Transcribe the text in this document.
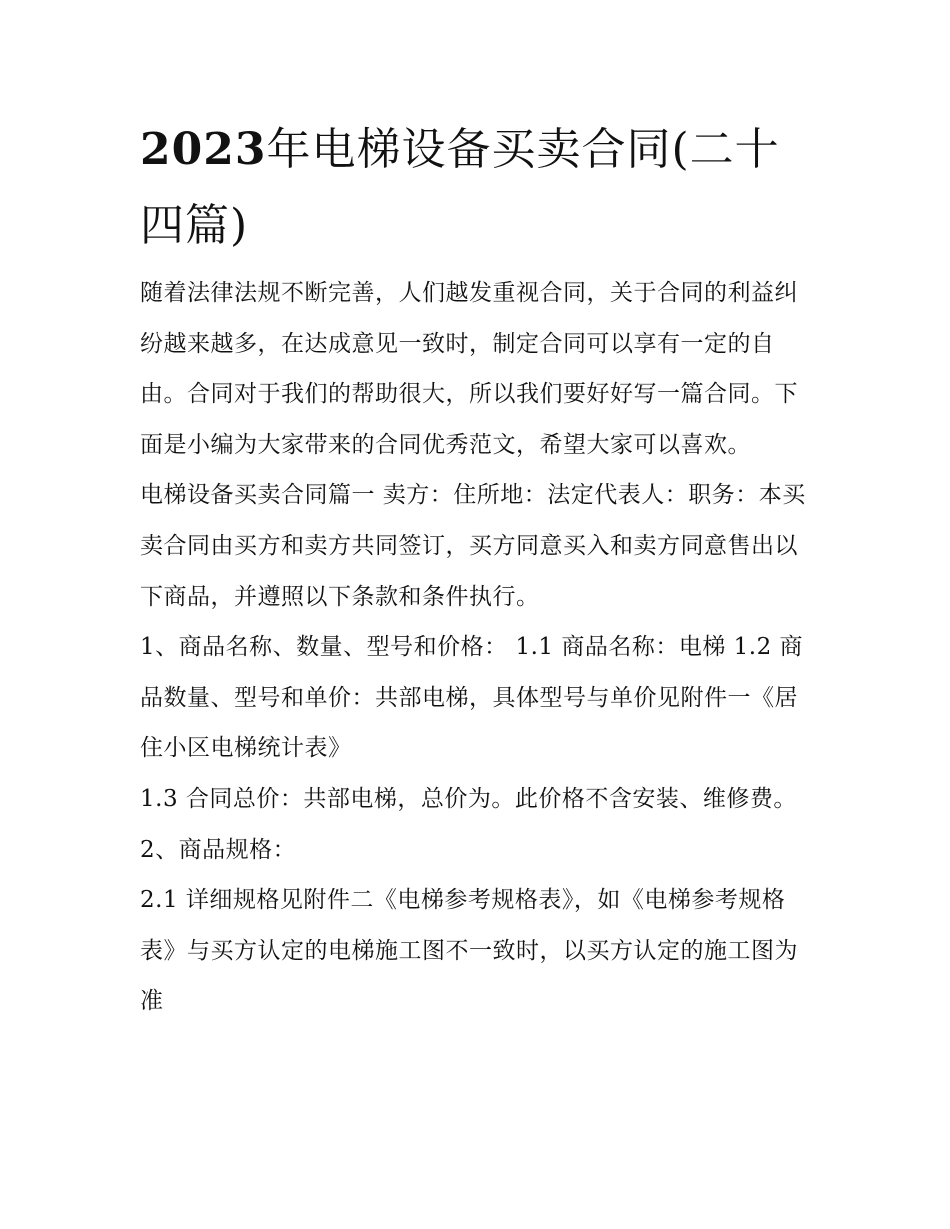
2023年电梯设备买卖合同(二十四篇)

随着法律法规不断完善，人们越发重视合同，关于合同的利益纠纷越来越多，在达成意见一致时，制定合同可以享有一定的自由。合同对于我们的帮助很大，所以我们要好好写一篇合同。下面是小编为大家带来的合同优秀范文，希望大家可以喜欢。

电梯设备买卖合同篇一 卖方：住所地：法定代表人：职务：本买卖合同由买方和卖方共同签订，买方同意买入和卖方同意售出以下商品，并遵照以下条款和条件执行。

1、商品名称、数量、型号和价格： 1.1 商品名称：电梯 1.2 商品数量、型号和单价：共部电梯，具体型号与单价见附件一《居住小区电梯统计表》

1.3 合同总价：共部电梯，总价为。此价格不含安装、维修费。 2、商品规格：

2.1 详细规格见附件二《电梯参考规格表》，如《电梯参考规格表》与买方认定的电梯施工图不一致时，以买方认定的施工图为准
